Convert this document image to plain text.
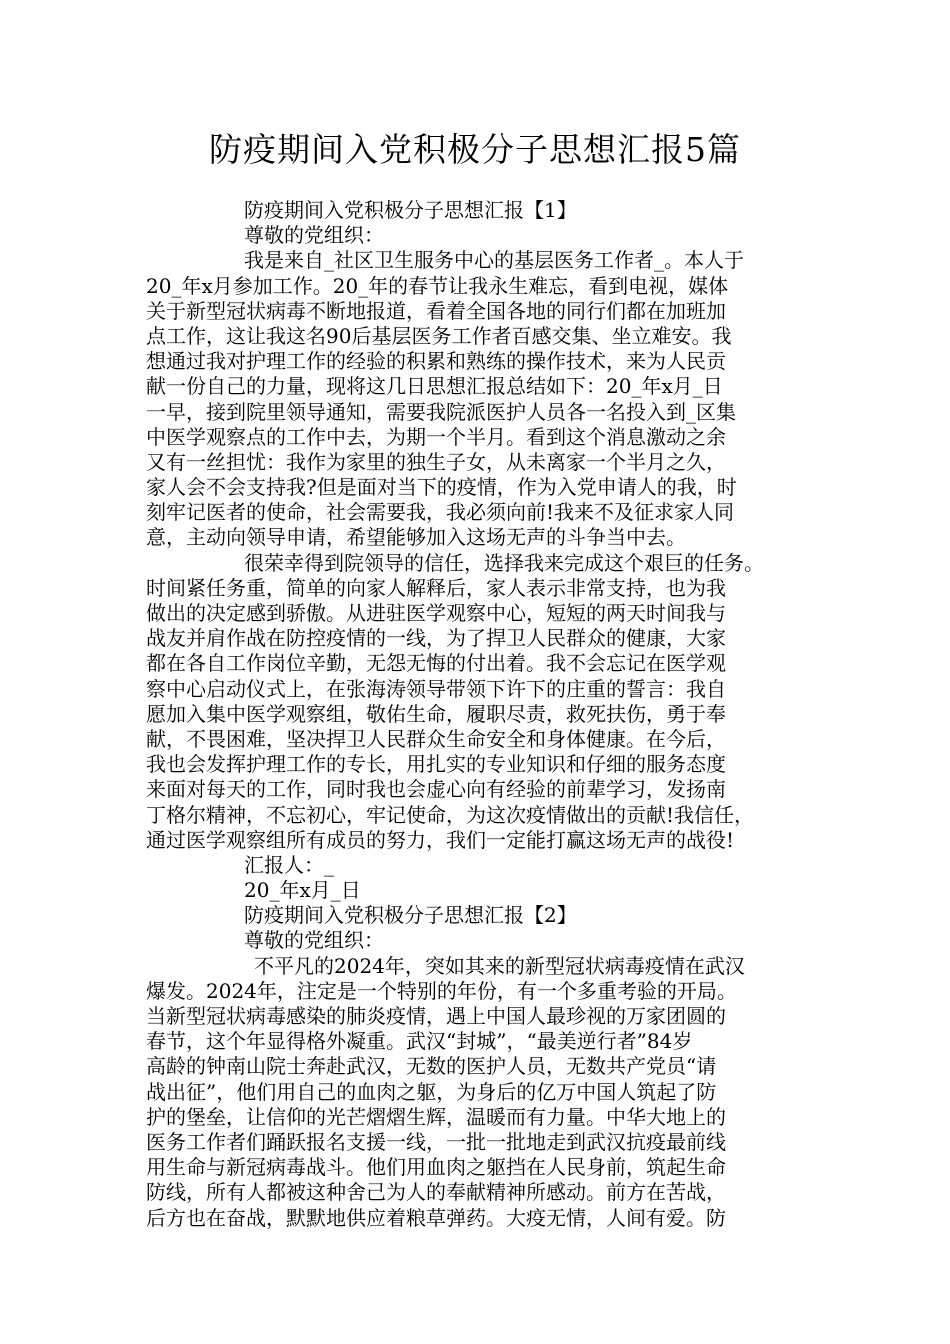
防疫期间入党积极分子思想汇报5篇
防疫期间入党积极分子思想汇报【1】
尊敬的党组织：
我是来自_社区卫生服务中心的基层医务工作者_。本人于
20_年x月参加工作。20_年的春节让我永生难忘，看到电视，媒体
关于新型冠状病毒不断地报道，看着全国各地的同行们都在加班加
点工作，这让我这名90后基层医务工作者百感交集、坐立难安。我
想通过我对护理工作的经验的积累和熟练的操作技术，来为人民贡
献一份自己的力量，现将这几日思想汇报总结如下：20_年x月_日
一早，接到院里领导通知，需要我院派医护人员各一名投入到_区集
中医学观察点的工作中去，为期一个半月。看到这个消息激动之余
又有一丝担忧：我作为家里的独生子女，从未离家一个半月之久，
家人会不会支持我?但是面对当下的疫情，作为入党申请人的我，时
刻牢记医者的使命，社会需要我，我必须向前!我来不及征求家人同
意，主动向领导申请，希望能够加入这场无声的斗争当中去。
很荣幸得到院领导的信任，选择我来完成这个艰巨的任务。
时间紧任务重，简单的向家人解释后，家人表示非常支持，也为我
做出的决定感到骄傲。从进驻医学观察中心，短短的两天时间我与
战友并肩作战在防控疫情的一线，为了捍卫人民群众的健康，大家
都在各自工作岗位辛勤，无怨无悔的付出着。我不会忘记在医学观
察中心启动仪式上，在张海涛领导带领下许下的庄重的誓言：我自
愿加入集中医学观察组，敬佑生命，履职尽责，救死扶伤，勇于奉
献，不畏困难，坚决捍卫人民群众生命安全和身体健康。在今后，
我也会发挥护理工作的专长，用扎实的专业知识和仔细的服务态度
来面对每天的工作，同时我也会虚心向有经验的前辈学习，发扬南
丁格尔精神，不忘初心，牢记使命，为这次疫情做出的贡献!我信任，
通过医学观察组所有成员的努力，我们一定能打赢这场无声的战役!
汇报人：_
20_年x月_日
防疫期间入党积极分子思想汇报【2】
尊敬的党组织：
不平凡的2024年，突如其来的新型冠状病毒疫情在武汉
爆发。2024年，注定是一个特别的年份，有一个多重考验的开局。
当新型冠状病毒感染的肺炎疫情，遇上中国人最珍视的万家团圆的
春节，这个年显得格外凝重。武汉“封城”，“最美逆行者”84岁
高龄的钟南山院士奔赴武汉，无数的医护人员，无数共产党员“请
战出征”，他们用自己的血肉之躯，为身后的亿万中国人筑起了防
护的堡垒，让信仰的光芒熠熠生辉，温暖而有力量。中华大地上的
医务工作者们踊跃报名支援一线，一批一批地走到武汉抗疫最前线
用生命与新冠病毒战斗。他们用血肉之躯挡在人民身前，筑起生命
防线，所有人都被这种舍己为人的奉献精神所感动。前方在苦战，
后方也在奋战，默默地供应着粮草弹药。大疫无情，人间有爱。防
